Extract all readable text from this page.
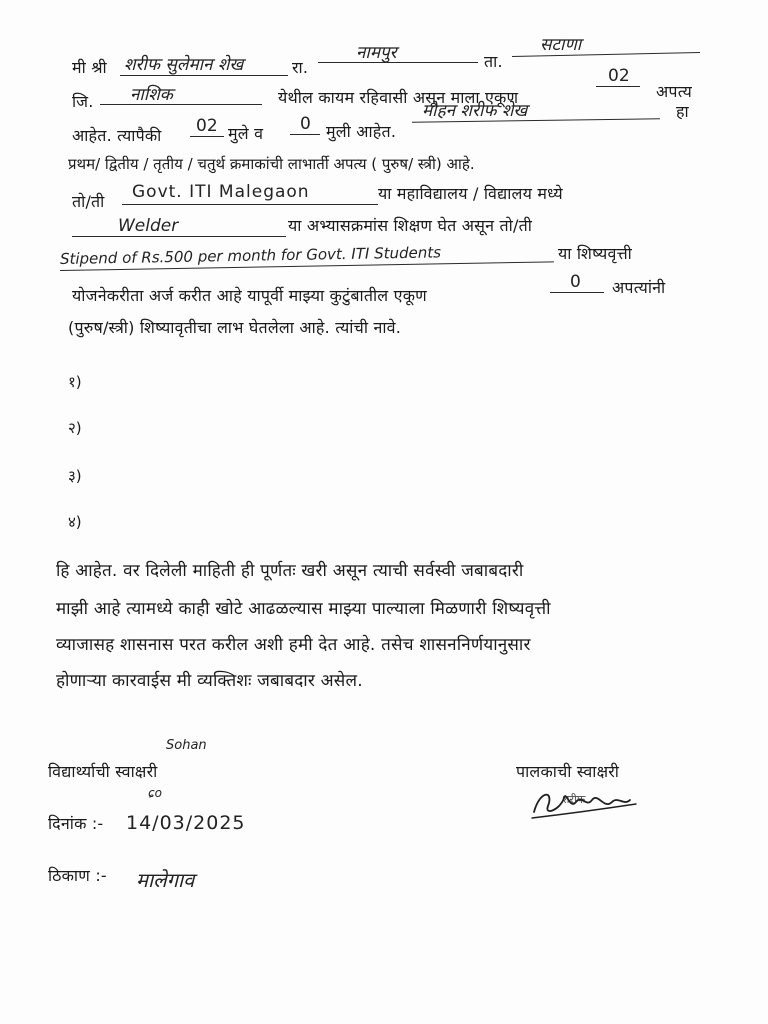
मी श्री शरीफ सुलेमान शेख	रा.
नामपुर	ता.
सटाणा
जि. नाशिक	येथील कायम रहिवासी असून माला एकूण
02
अपत्य
आहेत. त्यापैकी 02 मुले व 0 मुली आहेत.
मोहन शरीफ शेख	हा
प्रथम/ द्वितीय / तृतीय / चतुर्थ क्रमाकांची लाभार्ती अपत्य ( पुरुष/ स्त्री) आहे.
तो/ती Govt. ITI Malegaon	या महाविद्यालय / विद्यालय मध्ये
Welder	या अभ्यासक्रमांस शिक्षण घेत असून तो/ती
Stipend of Rs.500 per month for Govt. ITI Students	या शिष्यवृत्ती
योजनेकरीता अर्ज करीत आहे यापूर्वी माझ्या कुटुंबातील एकूण
0 अपत्यांनी
(पुरुष/स्त्री) शिष्यावृतीचा लाभ घेतलेला आहे. त्यांची नावे.
१)
२)
३)
४)
हि आहेत. वर दिलेली माहिती ही पूर्णतः खरी असून त्याची सर्वस्वी जबाबदारी
माझी आहे त्यामध्ये काही खोटे आढळल्यास माझ्या पाल्याला मिळणारी शिष्यवृत्ती
व्याजासह शासनास परत करील अशी हमी देत आहे. तसेच शासननिर्णयानुसार
होणाऱ्या कारवाईस मी व्यक्तिशः जबाबदार असेल.
Sohan
विद्यार्थ्याची स्वाक्षरी
ɕo
पालकाची स्वाक्षरी
शरीफ
दिनांक :- 14/03/2025
ठिकाण :- मालेगाव
